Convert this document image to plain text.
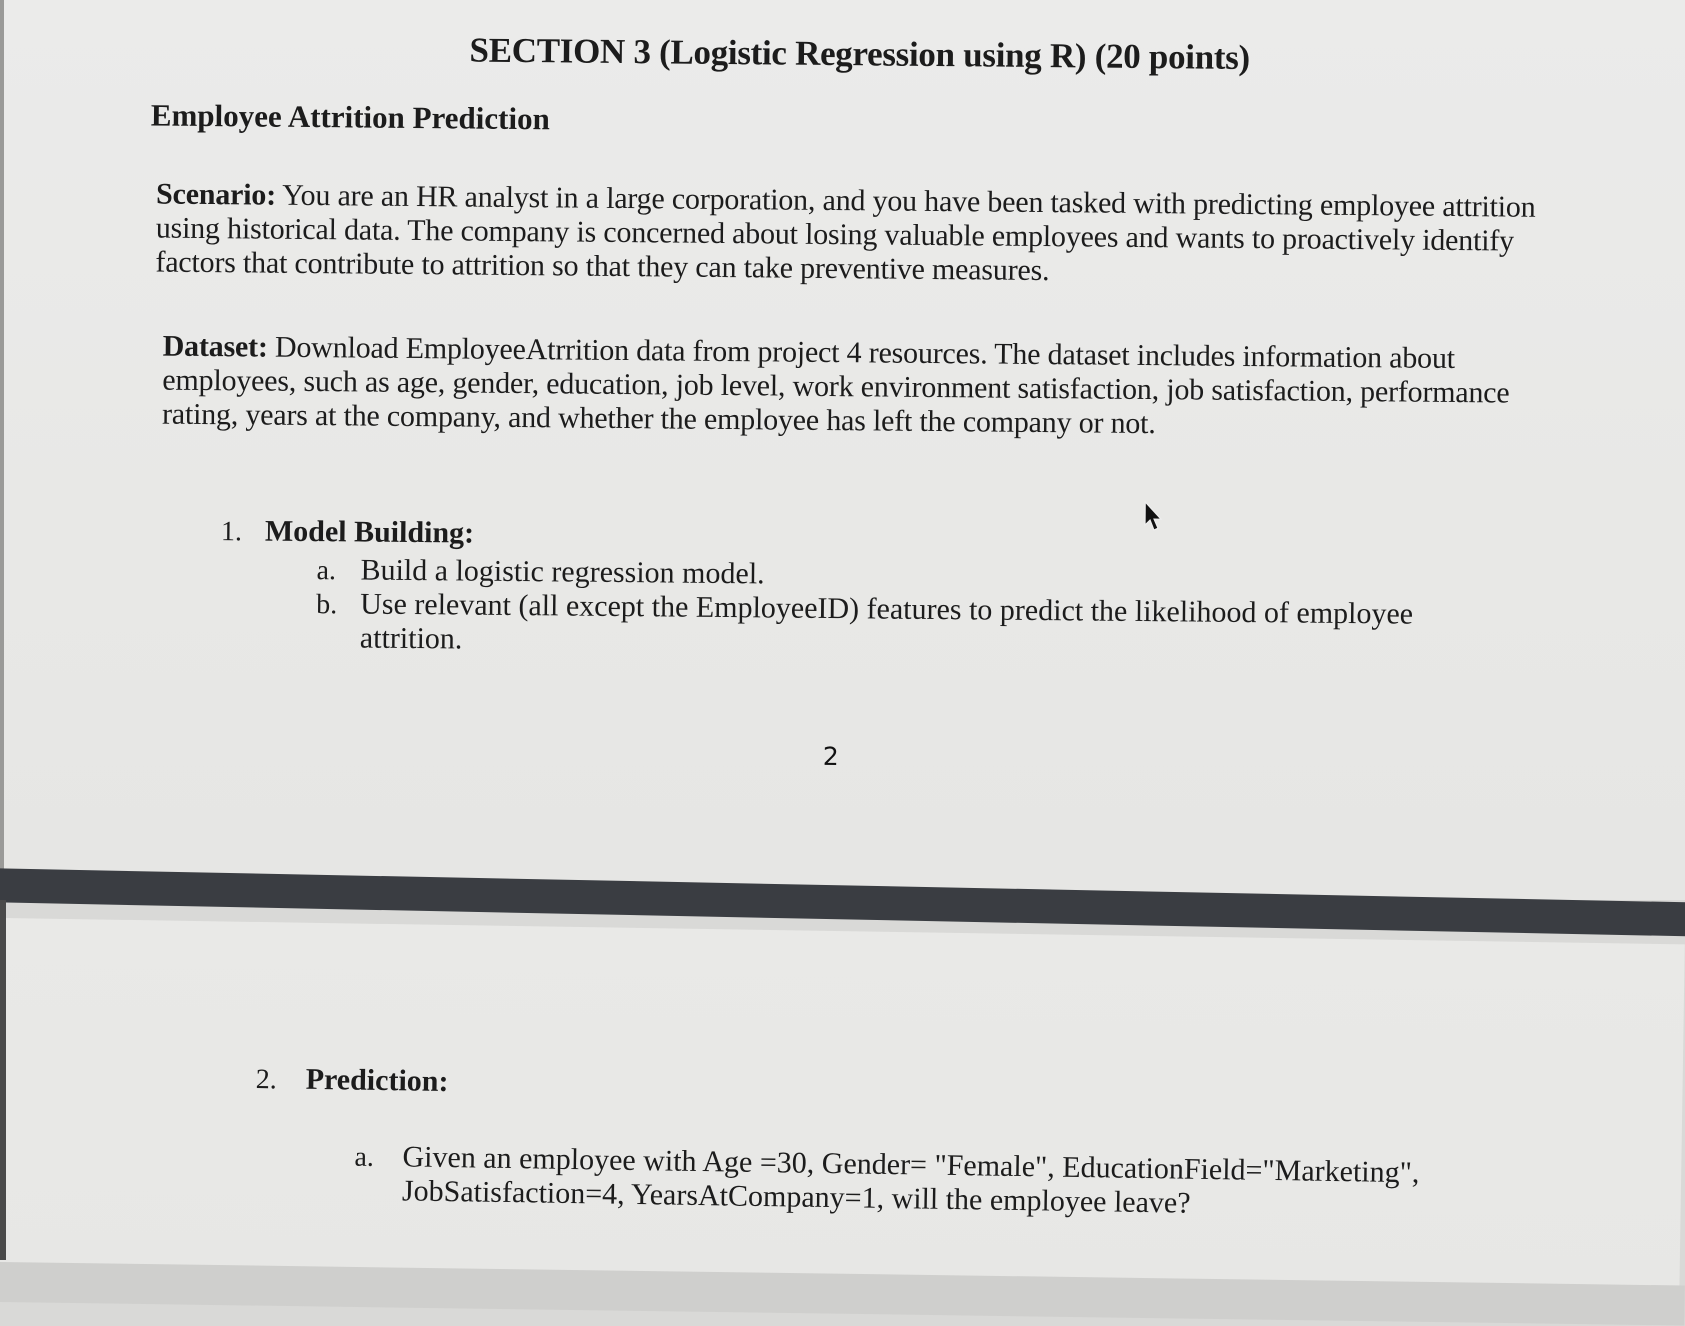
SECTION 3 (Logistic Regression using R) (20 points)
Employee Attrition Prediction
Scenario: You are an HR analyst in a large corporation, and you have been tasked with predicting employee attrition using historical data. The company is concerned about losing valuable employees and wants to proactively identify factors that contribute to attrition so that they can take preventive measures.
Dataset: Download EmployeeAtrrition data from project 4 resources. The dataset includes information about employees, such as age, gender, education, job level, work environment satisfaction, job satisfaction, performance rating, years at the company, and whether the employee has left the company or not.
1. Model Building:
a. Build a logistic regression model.
b. Use relevant (all except the EmployeeID) features to predict the likelihood of employee attrition.
2
2. Prediction:
a. Given an employee with Age =30, Gender= "Female", EducationField="Marketing", JobSatisfaction=4, YearsAtCompany=1, will the employee leave?
